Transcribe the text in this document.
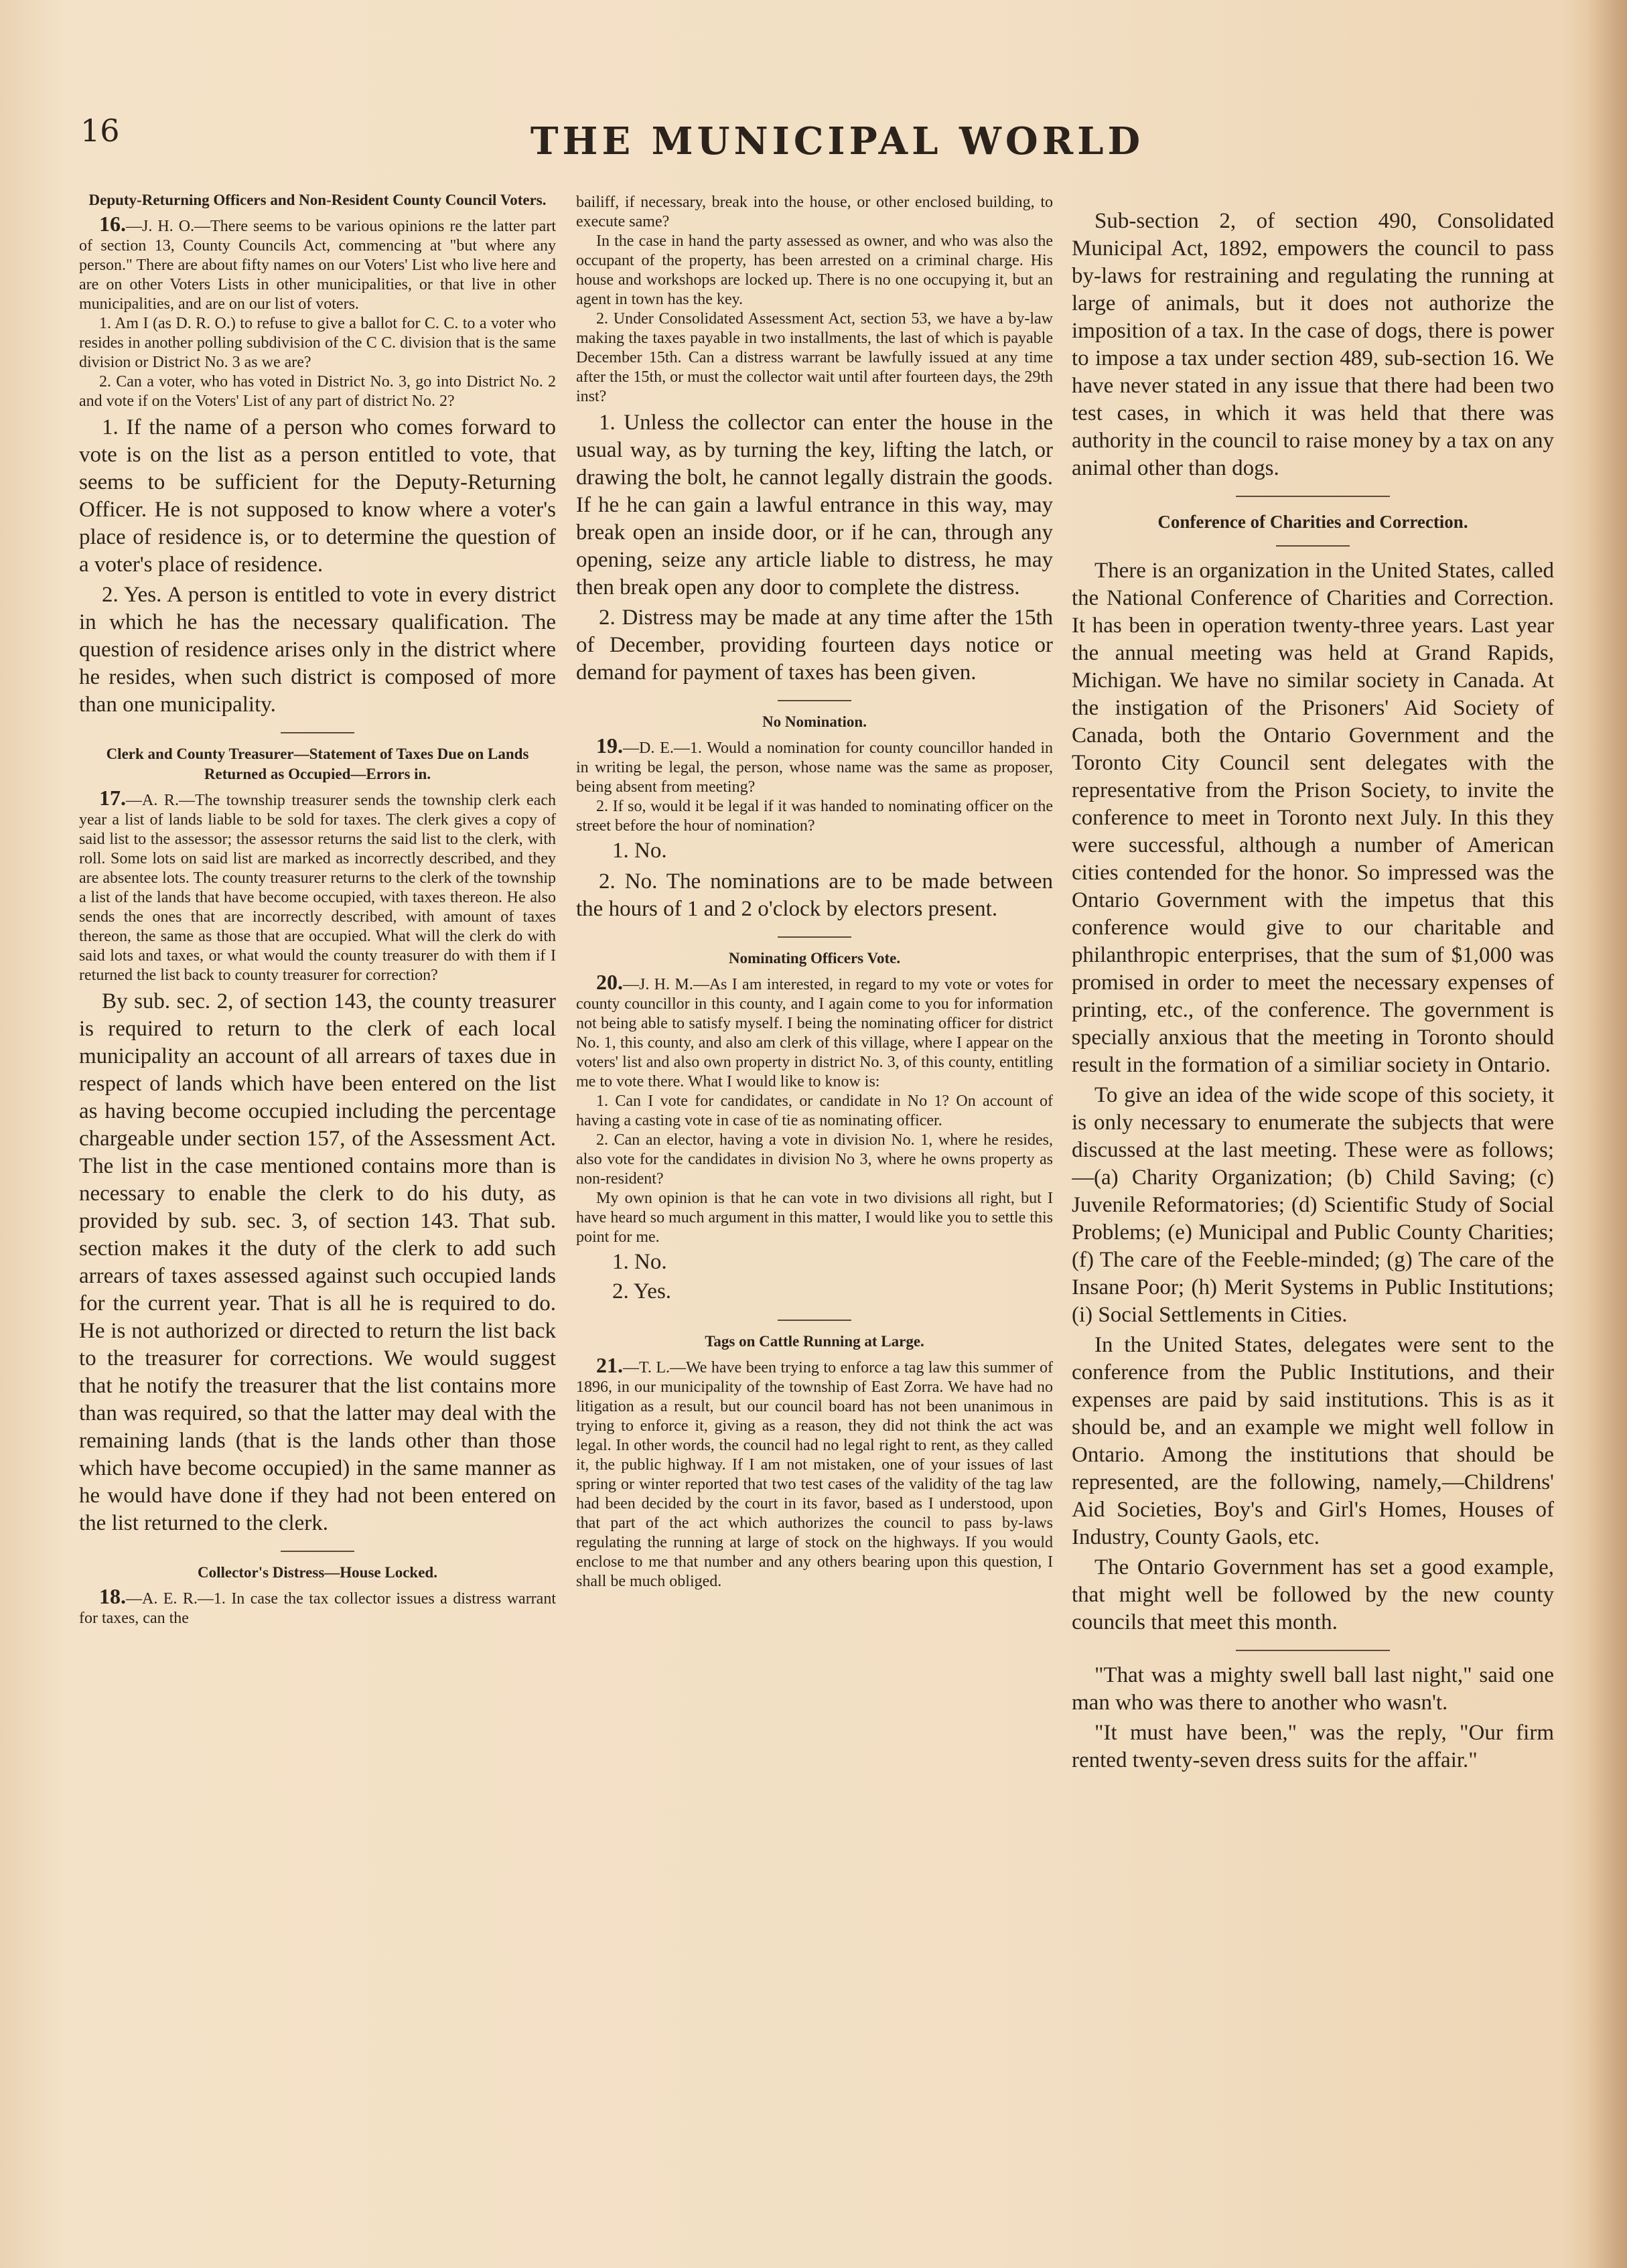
16	THE MUNICIPAL WORLD
Deputy-Returning Officers and Non-Resident County Council Voters.

16.—J. H. O.—There seems to be various opinions re the latter part of section 13, County Councils Act, commencing at "but where any person." There are about fifty names on our Voters' List who live here and are on other Voters Lists in other municipalities, or that live in other municipalities, and are on our list of voters.

1. Am I (as D. R. O.) to refuse to give a ballot for C. C. to a voter who resides in another polling subdivision of the C C. division that is the same division or District No. 3 as we are?

2. Can a voter, who has voted in District No. 3, go into District No. 2 and vote if on the Voters' List of any part of district No. 2?

1. If the name of a person who comes forward to vote is on the list as a person entitled to vote, that seems to be sufficient for the Deputy-Returning Officer. He is not supposed to know where a voter's place of residence is, or to determine the question of a voter's place of residence.

2. Yes. A person is entitled to vote in every district in which he has the necessary qualification. The question of residence arises only in the district where he resides, when such district is composed of more than one municipality.

Clerk and County Treasurer—Statement of Taxes Due on Lands Returned as Occupied—Errors in.

17.—A. R.—The township treasurer sends the township clerk each year a list of lands liable to be sold for taxes. The clerk gives a copy of said list to the assessor; the assessor returns the said list to the clerk, with roll. Some lots on said list are marked as incorrectly described, and they are absentee lots. The county treasurer returns to the clerk of the township a list of the lands that have become occupied, with taxes thereon. He also sends the ones that are incorrectly described, with amount of taxes thereon, the same as those that are occupied. What will the clerk do with said lots and taxes, or what would the county treasurer do with them if I returned the list back to county treasurer for correction?

By sub. sec. 2, of section 143, the county treasurer is required to return to the clerk of each local municipality an account of all arrears of taxes due in respect of lands which have been entered on the list as having become occupied including the percentage chargeable under section 157, of the Assessment Act. The list in the case mentioned contains more than is necessary to enable the clerk to do his duty, as provided by sub. sec. 3, of section 143. That sub. section makes it the duty of the clerk to add such arrears of taxes assessed against such occupied lands for the current year. That is all he is required to do. He is not authorized or directed to return the list back to the treasurer for corrections. We would suggest that he notify the treasurer that the list contains more than was required, so that the latter may deal with the remaining lands (that is the lands other than those which have become occupied) in the same manner as he would have done if they had not been entered on the list returned to the clerk.

Collector's Distress—House Locked.

18.—A. E. R.—1. In case the tax collector issues a distress warrant for taxes, can the

bailiff, if necessary, break into the house, or other enclosed building, to execute same?

In the case in hand the party assessed as owner, and who was also the occupant of the property, has been arrested on a criminal charge. His house and workshops are locked up. There is no one occupying it, but an agent in town has the key.

2. Under Consolidated Assessment Act, section 53, we have a by-law making the taxes payable in two installments, the last of which is payable December 15th. Can a distress warrant be lawfully issued at any time after the 15th, or must the collector wait until after fourteen days, the 29th inst?

1. Unless the collector can enter the house in the usual way, as by turning the key, lifting the latch, or drawing the bolt, he cannot legally distrain the goods. If he he can gain a lawful entrance in this way, may break open an inside door, or if he can, through any opening, seize any article liable to distress, he may then break open any door to complete the distress.

2. Distress may be made at any time after the 15th of December, providing fourteen days notice or demand for payment of taxes has been given.

No Nomination.

19.—D. E.—1. Would a nomination for county councillor handed in in writing be legal, the person, whose name was the same as proposer, being absent from meeting?

2. If so, would it be legal if it was handed to nominating officer on the street before the hour of nomination?

1. No.

2. No. The nominations are to be made between the hours of 1 and 2 o'clock by electors present.

Nominating Officers Vote.

20.—J. H. M.—As I am interested, in regard to my vote or votes for county councillor in this county, and I again come to you for information not being able to satisfy myself. I being the nominating officer for district No. 1, this county, and also am clerk of this village, where I appear on the voters' list and also own property in district No. 3, of this county, entitling me to vote there. What I would like to know is:

1. Can I vote for candidates, or candidate in No 1? On account of having a casting vote in case of tie as nominating officer.

2. Can an elector, having a vote in division No. 1, where he resides, also vote for the candidates in division No 3, where he owns property as non-resident?

My own opinion is that he can vote in two divisions all right, but I have heard so much argument in this matter, I would like you to settle this point for me.

1. No.

2. Yes.

Tags on Cattle Running at Large.

21.—T. L.—We have been trying to enforce a tag law this summer of 1896, in our municipality of the township of East Zorra. We have had no litigation as a result, but our council board has not been unanimous in trying to enforce it, giving as a reason, they did not think the act was legal. In other words, the council had no legal right to rent, as they called it, the public highway. If I am not mistaken, one of your issues of last spring or winter reported that two test cases of the validity of the tag law had been decided by the court in its favor, based as I understood, upon that part of the act which authorizes the council to pass by-laws regulating the running at large of stock on the highways. If you would enclose to me that number and any others bearing upon this question, I shall be much obliged.

Sub-section 2, of section 490, Consolidated Municipal Act, 1892, empowers the council to pass by-laws for restraining and regulating the running at large of animals, but it does not authorize the imposition of a tax. In the case of dogs, there is power to impose a tax under section 489, sub-section 16. We have never stated in any issue that there had been two test cases, in which it was held that there was authority in the council to raise money by a tax on any animal other than dogs.

Conference of Charities and Correction.

There is an organization in the United States, called the National Conference of Charities and Correction. It has been in operation twenty-three years. Last year the annual meeting was held at Grand Rapids, Michigan. We have no similar society in Canada. At the instigation of the Prisoners' Aid Society of Canada, both the Ontario Government and the Toronto City Council sent delegates with the representative from the Prison Society, to invite the conference to meet in Toronto next July. In this they were successful, although a number of American cities contended for the honor. So impressed was the Ontario Government with the impetus that this conference would give to our charitable and philanthropic enterprises, that the sum of $1,000 was promised in order to meet the necessary expenses of printing, etc., of the conference. The government is specially anxious that the meeting in Toronto should result in the formation of a similiar society in Ontario.

To give an idea of the wide scope of this society, it is only necessary to enumerate the subjects that were discussed at the last meeting. These were as follows;—(a) Charity Organization; (b) Child Saving; (c) Juvenile Reformatories; (d) Scientific Study of Social Problems; (e) Municipal and Public County Charities; (f) The care of the Feeble-minded; (g) The care of the Insane Poor; (h) Merit Systems in Public Institutions; (i) Social Settlements in Cities.

In the United States, delegates were sent to the conference from the Public Institutions, and their expenses are paid by said institutions. This is as it should be, and an example we might well follow in Ontario. Among the institutions that should be represented, are the following, namely,—Childrens' Aid Societies, Boy's and Girl's Homes, Houses of Industry, County Gaols, etc.

The Ontario Government has set a good example, that might well be followed by the new county councils that meet this month.

"That was a mighty swell ball last night," said one man who was there to another who wasn't.

"It must have been," was the reply, "Our firm rented twenty-seven dress suits for the affair."
